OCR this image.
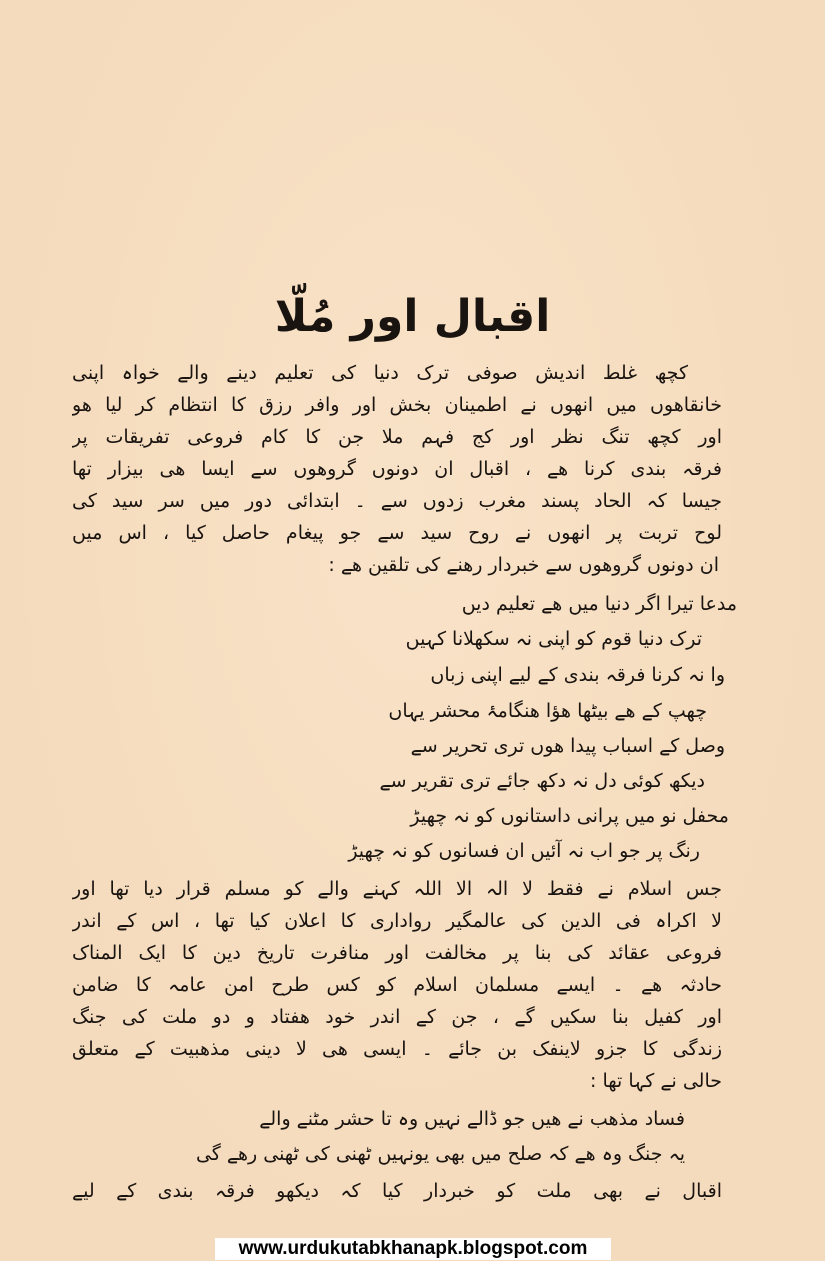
اقبال اور مُلّا
کچھ غلط اندیش صوفی ترک دنیا کی تعلیم دینے والے خواہ اپنی
خانقاھوں میں انھوں نے اطمینان بخش اور وافر رزق کا انتظام کر لیا ھو
اور کچھ تنگ نظر اور کج فہم ملا جن کا کام فروعی تفریقات پر
فرقہ بندی کرنا ھے ، اقبال ان دونوں گروھوں سے ایسا ھی بیزار تھا
جیسا کہ الحاد پسند مغرب زدوں سے ۔ ابتدائی دور میں سر سید کی
لوح تربت پر انھوں نے روح سید سے جو پیغام حاصل کیا ، اس میں
ان دونوں گروھوں سے خبردار رھنے کی تلقین ھے :
مدعا تیرا اگر دنیا میں ھے تعلیم دیں
ترک دنیا قوم کو اپنی نہ سکھلانا کہیں
وا نہ کرنا فرقہ بندی کے لیے اپنی زباں
چھپ کے ھے بیٹھا ھؤا ھنگامۂ محشر یہاں
وصل کے اسباب پیدا ھوں تری تحریر سے
دیکھ کوئی دل نہ دکھ جائے تری تقریر سے
محفل نو میں پرانی داستانوں کو نہ چھیڑ
رنگ پر جو اب نہ آئیں ان فسانوں کو نہ چھیڑ
جس اسلام نے فقط لا الہ الا اللہ کہنے والے کو مسلم قرار دیا تھا اور
لا اکراہ فی الدین کی عالمگیر رواداری کا اعلان کیا تھا ، اس کے اندر
فروعی عقائد کی بنا پر مخالفت اور منافرت تاریخ دین کا ایک المناک
حادثہ ھے ۔ ایسے مسلمان اسلام کو کس طرح امن عامہ کا ضامن
اور کفیل بنا سکیں گے ، جن کے اندر خود ھفتاد و دو ملت کی جنگ
زندگی کا جزو لاینفک بن جائے ۔ ایسی ھی لا دینی مذھبیت کے متعلق
حالی نے کہا تھا :
فساد مذھب نے ھیں جو ڈالے نہیں وہ تا حشر مٹنے والے
یہ جنگ وہ ھے کہ صلح میں بھی یونہیں ٹھنی کی ٹھنی رھے گی
اقبال نے بھی ملت کو خبردار کیا کہ دیکھو فرقہ بندی کے لیے
www.urdukutabkhanapk.blogspot.com
